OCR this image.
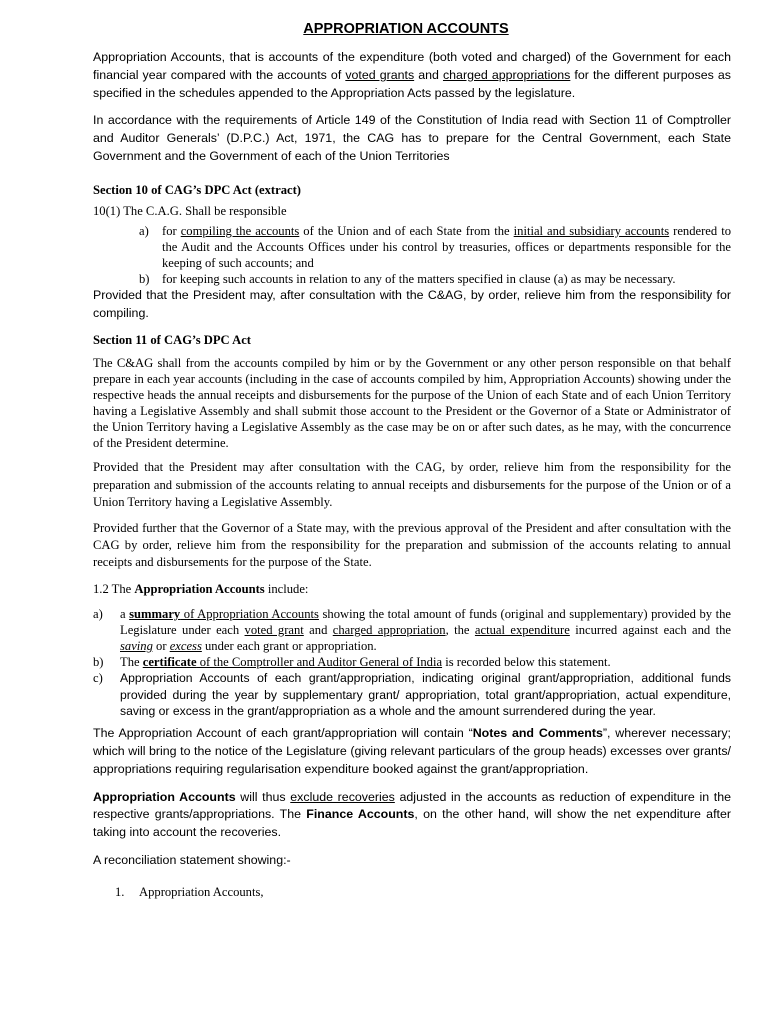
APPROPRIATION ACCOUNTS

Appropriation Accounts, that is accounts of the expenditure (both voted and charged) of the Government for each financial year compared with the accounts of voted grants and charged appropriations for the different purposes as specified in the schedules appended to the Appropriation Acts passed by the legislature.

In accordance with the requirements of Article 149 of the Constitution of India read with Section 11 of Comptroller and Auditor Generals’ (D.P.C.) Act, 1971, the CAG has to prepare for the Central Government, each State Government and the Government of each of the Union Territories

Section 10 of CAG’s DPC Act (extract)

10(1) The C.A.G. Shall be responsible

a)	for compiling the accounts of the Union and of each State from the initial and subsidiary accounts rendered to the Audit and the Accounts Offices under his control by treasuries, offices or departments responsible for the keeping of such accounts; and
b) for keeping such accounts in relation to any of the matters specified in clause (a) as may be necessary.

Provided that the President may, after consultation with the C&AG, by order, relieve him from the responsibility for compiling.

Section 11 of CAG’s DPC Act

The C&AG shall from the accounts compiled by him or by the Government or any other person responsible on that behalf prepare in each year accounts (including in the case of accounts compiled by him, Appropriation Accounts) showing under the respective heads the annual receipts and disbursements for the purpose of the Union of each State and of each Union Territory having a Legislative Assembly and shall submit those account to the President or the Governor of a State or Administrator of the Union Territory having a Legislative Assembly as the case may be on or after such dates, as he may, with the concurrence of the President determine.

Provided that the President may after consultation with the CAG, by order, relieve him from the responsibility for the preparation and submission of the accounts relating to annual receipts and disbursements for the purpose of the Union or of a Union Territory having a Legislative Assembly.

Provided further that the Governor of a State may, with the previous approval of the President and after consultation with the CAG by order, relieve him from the responsibility for the preparation and submission of the accounts relating to annual receipts and disbursements for the purpose of the State.

1.2 The Appropriation Accounts include:

a)	a summary of Appropriation Accounts showing the total amount of funds (original and supplementary) provided by the Legislature under each voted grant and charged appropriation, the actual expenditure incurred against each and the saving or excess under each grant or appropriation.
b)	The certificate of the Comptroller and Auditor General of India is recorded below this statement.
c)	Appropriation Accounts of each grant/appropriation, indicating original grant/appropriation, additional funds provided during the year by supplementary grant/ appropriation, total grant/appropriation, actual expenditure, saving or excess in the grant/appropriation as a whole and the amount surrendered during the year.

The Appropriation Account of each grant/appropriation will contain “Notes and Comments”, wherever necessary; which will bring to the notice of the Legislature (giving relevant particulars of the group heads) excesses over grants/ appropriations requiring regularisation expenditure booked against the grant/appropriation.

Appropriation Accounts will thus exclude recoveries adjusted in the accounts as reduction of expenditure in the respective grants/appropriations. The Finance Accounts, on the other hand, will show the net expenditure after taking into account the recoveries.

A reconciliation statement showing:-

1.	Appropriation Accounts,
